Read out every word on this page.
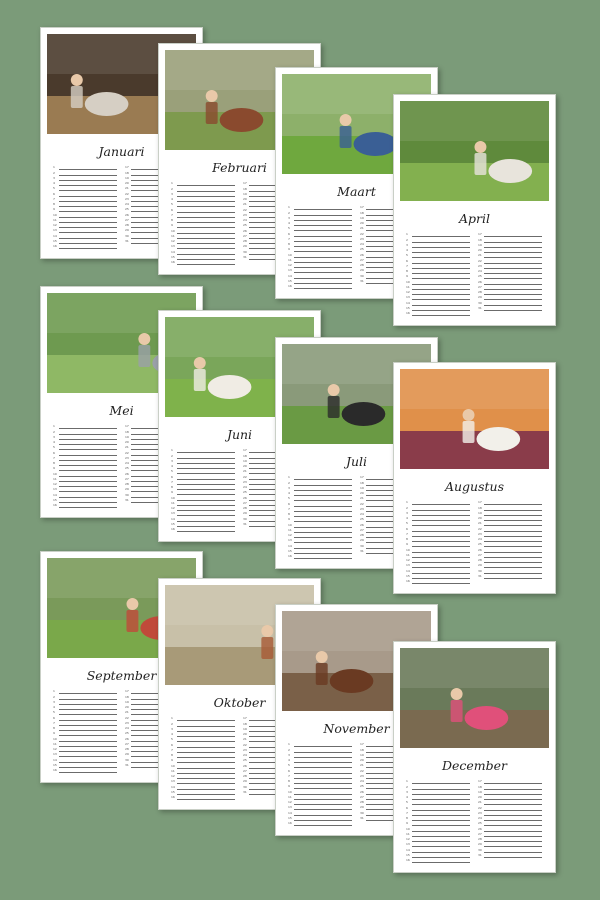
Januari
1
2
3
4
5
6
7
8
9
10
11
12
13
14
15
16
17
18
19
20
21
22
23
24
25
26
27
28
29
30
31
Februari
1
2
3
4
5
6
7
8
9
10
11
12
13
14
15
16
17
18
19
20
21
22
23
24
25
26
27
28
29
30
31
Maart
1
2
3
4
5
6
7
8
9
10
11
12
13
14
15
16
17
18
19
20
21
22
23
24
25
26
27
28
29
30
31
April
1
2
3
4
5
6
7
8
9
10
11
12
13
14
15
16
17
18
19
20
21
22
23
24
25
26
27
28
29
30
31
Mei
1
2
3
4
5
6
7
8
9
10
11
12
13
14
15
16
17
18
19
20
21
22
23
24
25
26
27
28
29
30
31
Juni
1
2
3
4
5
6
7
8
9
10
11
12
13
14
15
16
17
18
19
20
21
22
23
24
25
26
27
28
29
30
31
Juli
1
2
3
4
5
6
7
8
9
10
11
12
13
14
15
16
17
18
19
20
21
22
23
24
25
26
27
28
29
30
31
Augustus
1
2
3
4
5
6
7
8
9
10
11
12
13
14
15
16
17
18
19
20
21
22
23
24
25
26
27
28
29
30
31
September
1
2
3
4
5
6
7
8
9
10
11
12
13
14
15
16
17
18
19
20
21
22
23
24
25
26
27
28
29
30
31
Oktober
1
2
3
4
5
6
7
8
9
10
11
12
13
14
15
16
17
18
19
20
21
22
23
24
25
26
27
28
29
30
31
November
1
2
3
4
5
6
7
8
9
10
11
12
13
14
15
16
17
18
19
20
21
22
23
24
25
26
27
28
29
30
31
December
1
2
3
4
5
6
7
8
9
10
11
12
13
14
15
16
17
18
19
20
21
22
23
24
25
26
27
28
29
30
31
